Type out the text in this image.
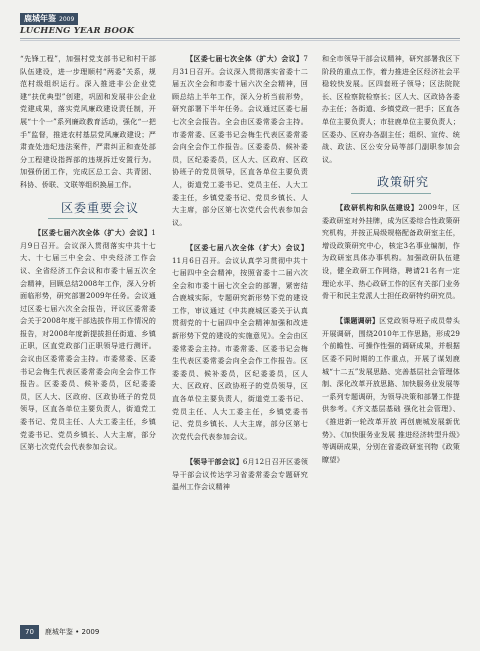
鹿城年鉴 2009
LUCHENG YEAR BOOK

“先锋工程”，加强村党支部书记和村干部队伍建设，进一步理顺村“两委”关系，规范村级组织运行。深入推进非公企业党建“扶优典型”创建，巩固和发展非公企业党建成果，落实党风廉政建设责任制，开展“十个一”系列廉政教育活动，强化“一把手”监督，推进农村基层党风廉政建设；严肃查处违纪违法案件，严肃纠正和查处部分工程建设指挥部的违规拆迁安置行为。加强侨团工作，完成区总工会、共青团、科协、侨联、文联等组织换届工作。

区委重要会议

【区委七届六次全体（扩大）会议】1月9日召开。会议深入贯彻落实中共十七大、十七届三中全会、中央经济工作会议、全省经济工作会议和市委十届五次全会精神，回顾总结2008年工作，深入分析面临形势，研究部署2009年任务。会议通过区委七届六次全会报告，评议区委常委会关于2008年度干部选拔作用工作情况的报告，对2008年度新提拔担任街道、乡镇正职，区直党政部门正职领导进行测评。会议由区委常委会主持。市委常委、区委书记会梅生代表区委常委会向全会作工作报告。区委委员、候补委员，区纪委委员，区人大、区政府、区政协班子的党员领导，区直各单位主要负责人，街道党工委书记、党员主任、人大工委主任，乡镇党委书记、党员乡镇长、人大主席，部分区第七次党代会代表参加会议。

【区委七届七次全体（扩大）会议】7月31日召开。会议深入贯彻落实省委十二届五次全会和市委十届六次全会精神，回顾总结上半年工作，深入分析当前形势，研究部署下半年任务。会议通过区委七届七次全会报告。全会由区委常委会主持。市委常委、区委书记会梅生代表区委常委会向全会作工作报告。区委委员、候补委员，区纪委委员，区人大、区政府、区政协班子的党员领导，区直各单位主要负责人，街道党工委书记、党员主任、人大工委主任，乡镇党委书记、党员乡镇长、人大主席，部分区第七次党代会代表参加会议。

【区委七届八次全体（扩大）会议】11月6日召开。会议认真学习贯彻中共十七届四中全会精神，按照省委十二届六次全会和市委十届七次全会的部署，紧密结合鹿城实际，专题研究新形势下党的建设工作，审议通过《中共鹿城区委关于认真贯彻党的十七届四中全会精神加强和改进新形势下党的建设的实施意见》。全会由区委常委会主持。市委常委、区委书记会梅生代表区委常委会向全会作工作报告。区委委员、候补委员，区纪委委员，区人大、区政府、区政协班子的党员领导，区直各单位主要负责人，街道党工委书记、党员主任、人大工委主任，乡镇党委书记、党员乡镇长、人大主席，部分区第七次党代会代表参加会议。

【领导干部会议】6月12日召开区委领导干部会议传达学习省委常委会专题研究温州工作会议精神

和全市领导干部会议精神，研究部署我区下阶段的重点工作，着力推进全区经济社会平稳较快发展。区四套班子领导；区法院院长、区检察院检察长；区人大、区政协各委办主任；各街道、乡镇党政一把手；区直各单位主要负责人；市驻鹿单位主要负责人；区委办、区府办各副主任；组织、宣传、统战、政法、区公安分局等部门副职参加会议。

政策研究

【政研机构和队伍建设】2009年，区委政研室对外挂牌，成为区委综合性政策研究机构，并按正局级规格配备政研室主任，增设政策研究中心，核定3名事业编制，作为政研室具体办事机构。加强政研队伍建设，健全政研工作网络，聘请21名有一定理论水平、热心政研工作的区有关部门业务骨干和民主党派人士担任政研特约研究员。

【课题调研】区党政领导班子成员带头开展调研，围绕2010年工作思路，形成29个前瞻性、可操作性强的调研成果，并根据区委不同时期的工作重点，开展了谋划鹿城“十二五”发展思路、完善基层社会管理体制、深化改革开放思路、加快服务业发展等一系列专题调研，为领导决策和部署工作提供参考。《齐文基层基础 强化社会管理》、《推进新一轮改革开放 再创鹿城发展新优势》、《加快服务业发展 推进经济转型升级》等调研成果，分别在省委政研室刊物《政策瞭望》

70 鹿城年鉴 • 2009
